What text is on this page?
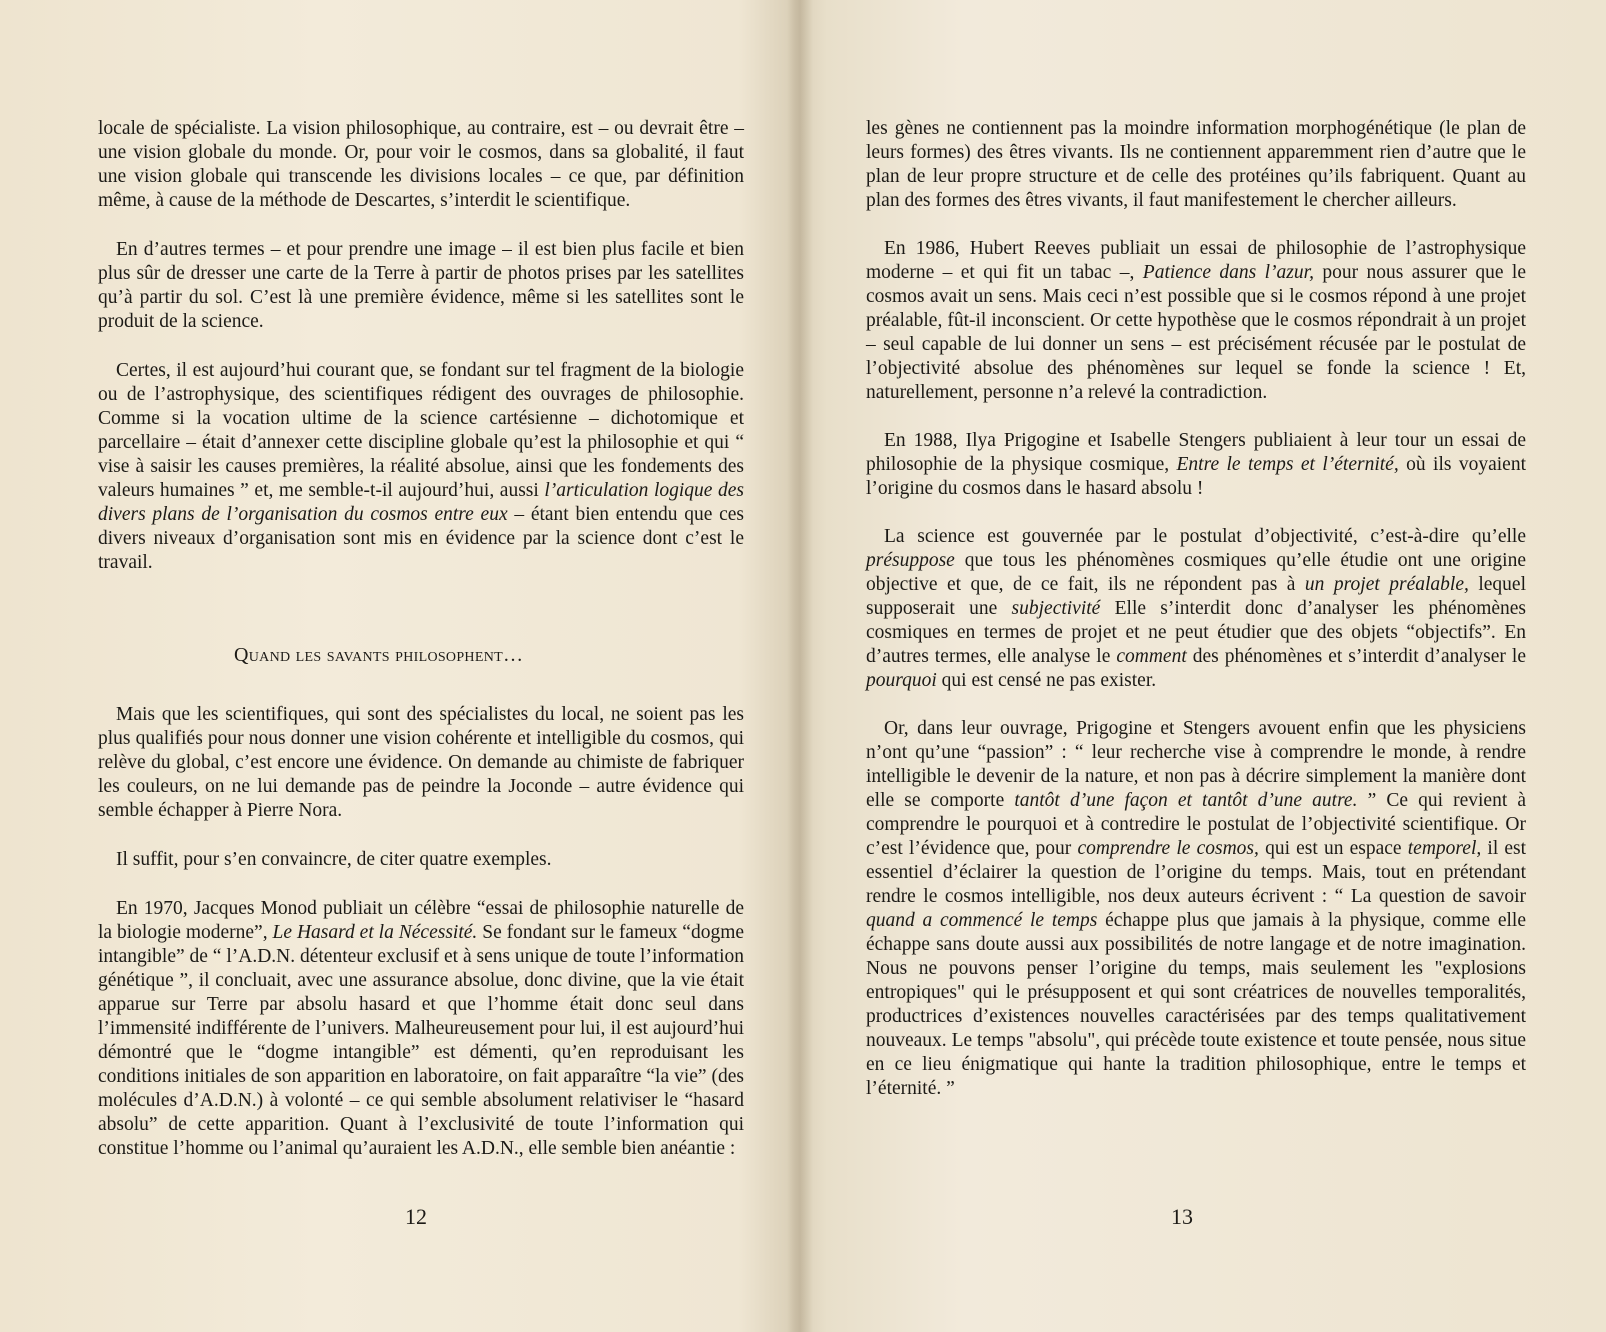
locale de spécialiste. La vision philosophique, au contraire, est – ou devrait être – une vision globale du monde. Or, pour voir le cosmos, dans sa globalité, il faut une vision globale qui transcende les divisions locales – ce que, par définition même, à cause de la méthode de Descartes, s’interdit le scientifique.

En d’autres termes – et pour prendre une image – il est bien plus facile et bien plus sûr de dresser une carte de la Terre à partir de photos prises par les satellites qu’à partir du sol. C’est là une première évidence, même si les satellites sont le produit de la science.

Certes, il est aujourd’hui courant que, se fondant sur tel fragment de la biologie ou de l’astrophysique, des scientifiques rédigent des ouvrages de philosophie. Comme si la vocation ultime de la science cartésienne – dichotomique et parcellaire – était d’annexer cette discipline globale qu’est la philosophie et qui “ vise à saisir les causes premières, la réalité absolue, ainsi que les fondements des valeurs humaines ” et, me semble-t-il aujourd’hui, aussi l’articulation logique des divers plans de l’organisation du cosmos entre eux – étant bien entendu que ces divers niveaux d’organisation sont mis en évidence par la science dont c’est le travail.

Quand les savants philosophent…

Mais que les scientifiques, qui sont des spécialistes du local, ne soient pas les plus qualifiés pour nous donner une vision cohérente et intelligible du cosmos, qui relève du global, c’est encore une évidence. On demande au chimiste de fabriquer les couleurs, on ne lui demande pas de peindre la Joconde – autre évidence qui semble échapper à Pierre Nora.

Il suffit, pour s’en convaincre, de citer quatre exemples.

En 1970, Jacques Monod publiait un célèbre “essai de philosophie naturelle de la biologie moderne”, Le Hasard et la Nécessité. Se fondant sur le fameux “dogme intangible” de “ l’A.D.N. détenteur exclusif et à sens unique de toute l’information génétique ”, il concluait, avec une assurance absolue, donc divine, que la vie était apparue sur Terre par absolu hasard et que l’homme était donc seul dans l’immensité indifférente de l’univers. Malheureusement pour lui, il est aujourd’hui démontré que le “dogme intangible” est démenti, qu’en reproduisant les conditions initiales de son apparition en laboratoire, on fait apparaître “la vie” (des molécules d’A.D.N.) à volonté – ce qui semble absolument relativiser le “hasard absolu” de cette apparition. Quant à l’exclusivité de toute l’information qui constitue l’homme ou l’animal qu’auraient les A.D.N., elle semble bien anéantie :

12

les gènes ne contiennent pas la moindre information morphogénétique (le plan de leurs formes) des êtres vivants. Ils ne contiennent apparemment rien d’autre que le plan de leur propre structure et de celle des protéines qu’ils fabriquent. Quant au plan des formes des êtres vivants, il faut manifestement le chercher ailleurs.

En 1986, Hubert Reeves publiait un essai de philosophie de l’astrophysique moderne – et qui fit un tabac –, Patience dans l’azur, pour nous assurer que le cosmos avait un sens. Mais ceci n’est possible que si le cosmos répond à une projet préalable, fût-il inconscient. Or cette hypothèse que le cosmos répondrait à un projet – seul capable de lui donner un sens – est précisément récusée par le postulat de l’objectivité absolue des phénomènes sur lequel se fonde la science ! Et, naturellement, personne n’a relevé la contradiction.

En 1988, Ilya Prigogine et Isabelle Stengers publiaient à leur tour un essai de philosophie de la physique cosmique, Entre le temps et l’éternité, où ils voyaient l’origine du cosmos dans le hasard absolu !

La science est gouvernée par le postulat d’objectivité, c’est-à-dire qu’elle présuppose que tous les phénomènes cosmiques qu’elle étudie ont une origine objective et que, de ce fait, ils ne répondent pas à un projet préalable, lequel supposerait une subjectivité Elle s’interdit donc d’analyser les phénomènes cosmiques en termes de projet et ne peut étudier que des objets “objectifs”. En d’autres termes, elle analyse le comment des phénomènes et s’interdit d’analyser le pourquoi qui est censé ne pas exister.

Or, dans leur ouvrage, Prigogine et Stengers avouent enfin que les physiciens n’ont qu’une “passion” : “ leur recherche vise à comprendre le monde, à rendre intelligible le devenir de la nature, et non pas à décrire simplement la manière dont elle se comporte tantôt d’une façon et tantôt d’une autre. ” Ce qui revient à comprendre le pourquoi et à contredire le postulat de l’objectivité scientifique. Or c’est l’évidence que, pour comprendre le cosmos, qui est un espace temporel, il est essentiel d’éclairer la question de l’origine du temps. Mais, tout en prétendant rendre le cosmos intelligible, nos deux auteurs écrivent : “ La question de savoir quand a commencé le temps échappe plus que jamais à la physique, comme elle échappe sans doute aussi aux possibilités de notre langage et de notre imagination. Nous ne pouvons penser l’origine du temps, mais seulement les "explosions entropiques" qui le présupposent et qui sont créatrices de nouvelles temporalités, productrices d’existences nouvelles caractérisées par des temps qualitativement nouveaux. Le temps "absolu", qui précède toute existence et toute pensée, nous situe en ce lieu énigmatique qui hante la tradition philosophique, entre le temps et l’éternité. ”

13
